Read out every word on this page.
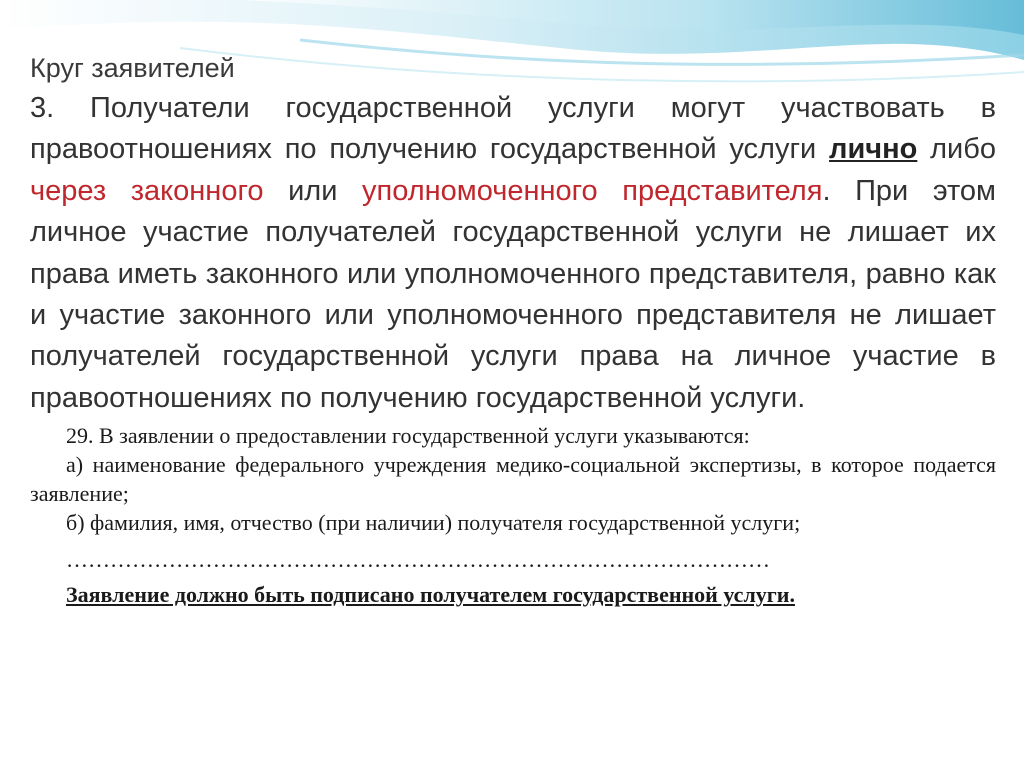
Круг заявителей

3. Получатели государственной услуги могут участвовать в правоотношениях по получению государственной услуги лично либо через законного или уполномоченного представителя. При этом личное участие получателей государственной услуги не лишает их права иметь законного или уполномоченного представителя, равно как и участие законного или уполномоченного представителя не лишает получателей государственной услуги права на личное участие в правоотношениях по получению государственной услуги.

29. В заявлении о предоставлении государственной услуги указываются:

а) наименование федерального учреждения медико-социальной экспертизы, в которое подается заявление;

б) фамилия, имя, отчество (при наличии) получателя государственной услуги;

……………………………………………………………………………………

Заявление должно быть подписано получателем государственной услуги.
